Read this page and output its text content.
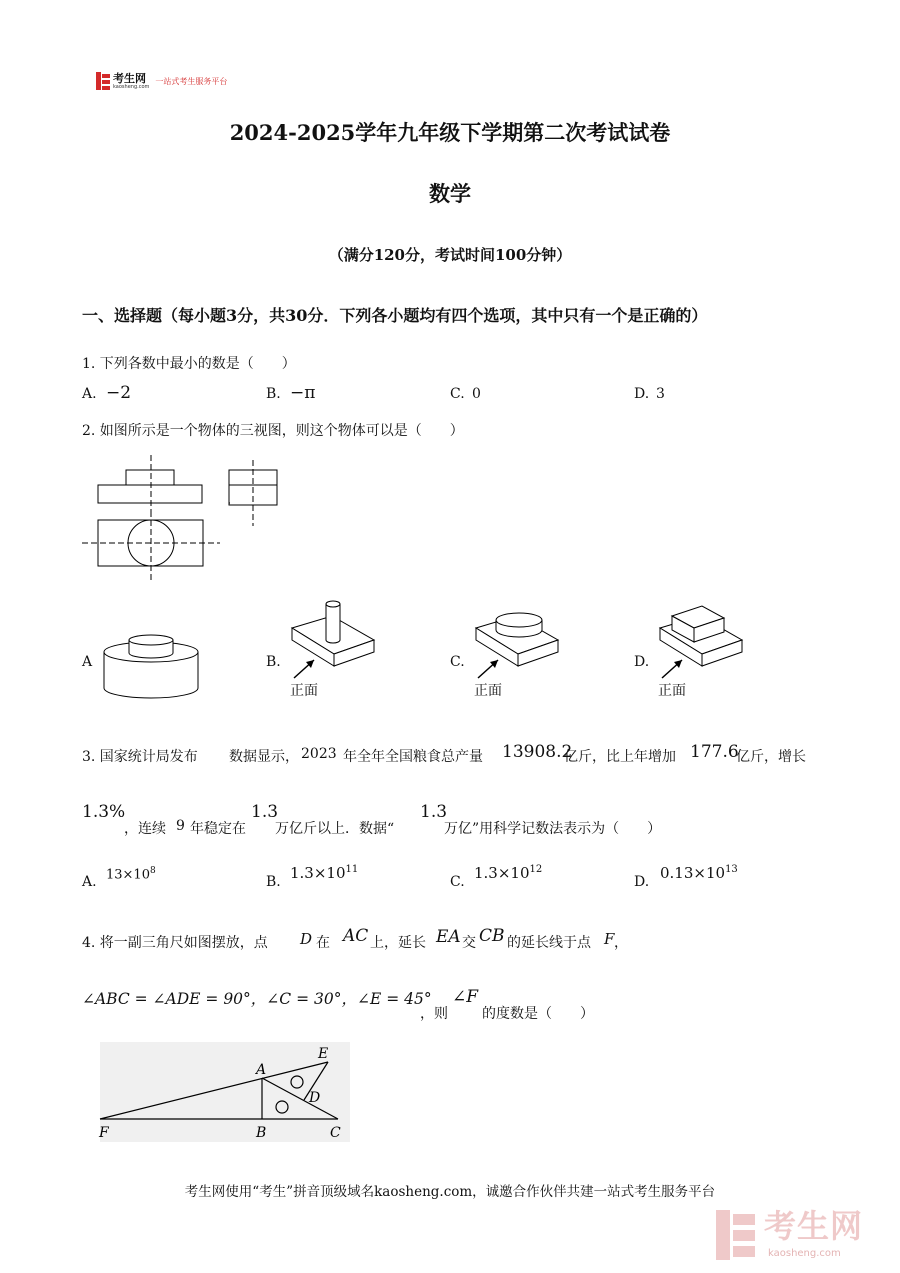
考生网
kaosheng.com
一站式考生服务平台
2024-2025学年九年级下学期第二次考试试卷
数学
（满分120分，考试时间100分钟）
一、选择题（每小题3分，共30分．下列各小题均有四个选项，其中只有一个是正确的）
1. 下列各数中最小的数是（　　）
A. −2	B. −π	C. 0	D. 3
2. 如图所示是一个物体的三视图，则这个物体可以是（　　）
A	B.
正面
C.
正面
D.
正面
3. 国家统计局发布 数据显示， 2023 年全年全国粮食总产量 13908.2
亿斤，比上年增加 177.6
亿斤，增长
1.3%
，连续 9 年稳定在
1.3
万亿斤以上．数据“
1.3
万亿”用科学记数法表示为（　　）
A. $13\times 10^8$
B. $1.3\times 10^{11}$
C. $1.3\times 10^{12}$
D. $0.13\times 10^{13}$
4. 将一副三角尺如图摆放，点 D 在 AC 上，延长 EA 交 CB 的延长线于点 F ，
∠ABC = ∠ADE = 90°，∠C = 30°，∠E = 45°
，则
∠F
的度数是（　　）
A
B	C
D
E
F
考生网使用“考生”拼音顶级域名kaosheng.com，诚邀合作伙伴共建一站式考生服务平台
考生网
kaosheng.com
